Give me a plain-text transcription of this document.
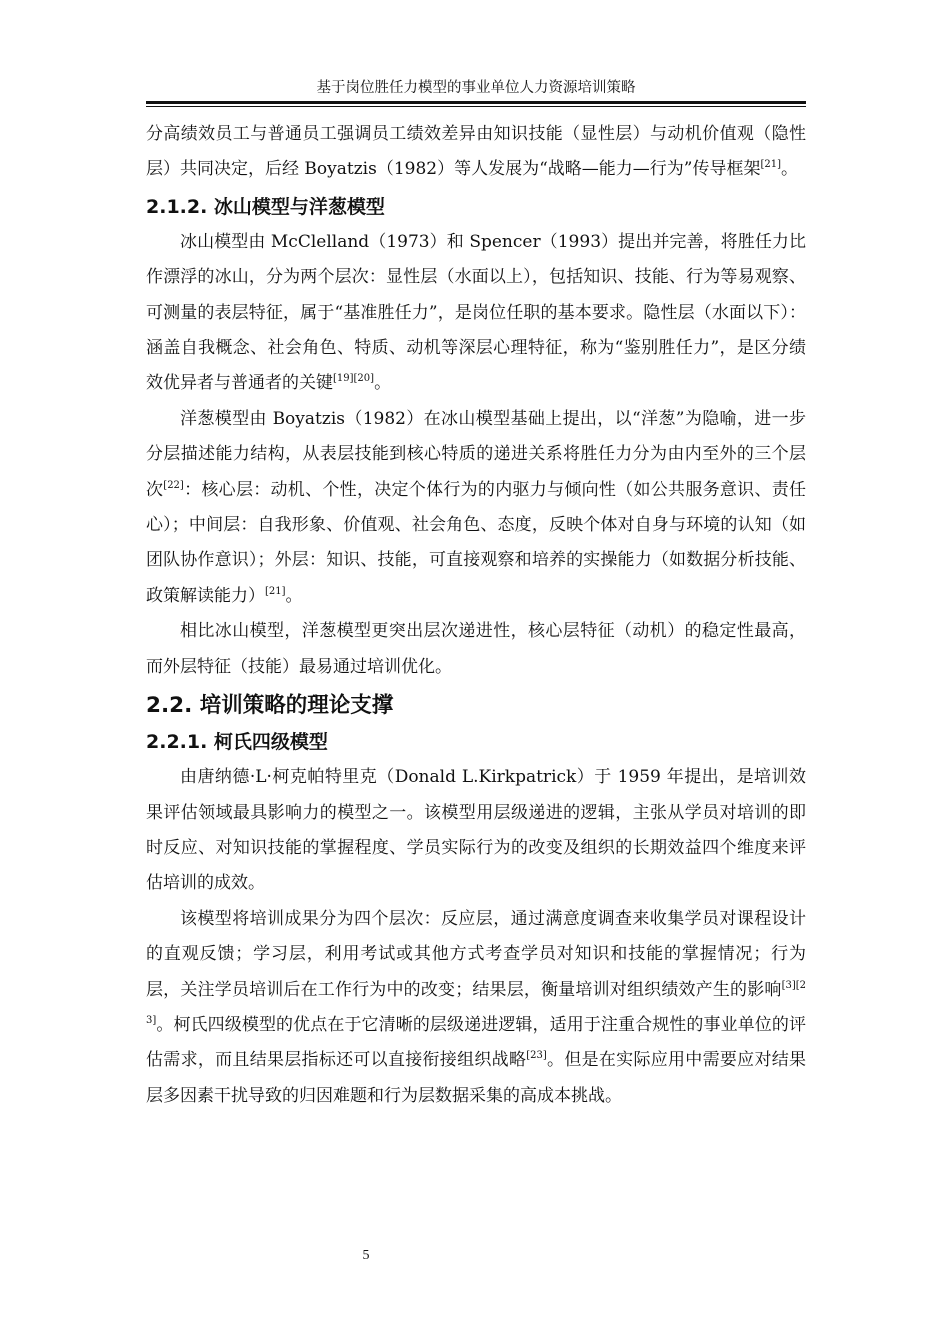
基于岗位胜任力模型的事业单位人力资源培训策略

分高绩效员工与普通员工强调员工绩效差异由知识技能（显性层）与动机价值观（隐性层）共同决定，后经 Boyatzis（1982）等人发展为“战略—能力—行为”传导框架[21]。

2.1.2. 冰山模型与洋葱模型

冰山模型由 McClelland（1973）和 Spencer（1993）提出并完善，将胜任力比作漂浮的冰山，分为两个层次：显性层（水面以上），包括知识、技能、行为等易观察、可测量的表层特征，属于“基准胜任力”，是岗位任职的基本要求。隐性层（水面以下）：涵盖自我概念、社会角色、特质、动机等深层心理特征，称为“鉴别胜任力”，是区分绩效优异者与普通者的关键[19][20]。

洋葱模型由 Boyatzis（1982）在冰山模型基础上提出，以“洋葱”为隐喻，进一步分层描述能力结构，从表层技能到核心特质的递进关系将胜任力分为由内至外的三个层次[22]：核心层：动机、个性，决定个体行为的内驱力与倾向性（如公共服务意识、责任心）；中间层：自我形象、价值观、社会角色、态度，反映个体对自身与环境的认知（如团队协作意识）；外层：知识、技能，可直接观察和培养的实操能力（如数据分析技能、政策解读能力）[21]。

相比冰山模型，洋葱模型更突出层次递进性，核心层特征（动机）的稳定性最高，而外层特征（技能）最易通过培训优化。

2.2. 培训策略的理论支撑
2.2.1. 柯氏四级模型

由唐纳德·L·柯克帕特里克（Donald L.Kirkpatrick）于 1959 年提出，是培训效果评估领域最具影响力的模型之一。该模型用层级递进的逻辑，主张从学员对培训的即时反应、对知识技能的掌握程度、学员实际行为的改变及组织的长期效益四个维度来评估培训的成效。

该模型将培训成果分为四个层次：反应层，通过满意度调查来收集学员对课程设计的直观反馈；学习层，利用考试或其他方式考查学员对知识和技能的掌握情况；行为层，关注学员培训后在工作行为中的改变；结果层，衡量培训对组织绩效产生的影响[3][23]。柯氏四级模型的优点在于它清晰的层级递进逻辑，适用于注重合规性的事业单位的评估需求，而且结果层指标还可以直接衔接组织战略[23]。但是在实际应用中需要应对结果层多因素干扰导致的归因难题和行为层数据采集的高成本挑战。

5
